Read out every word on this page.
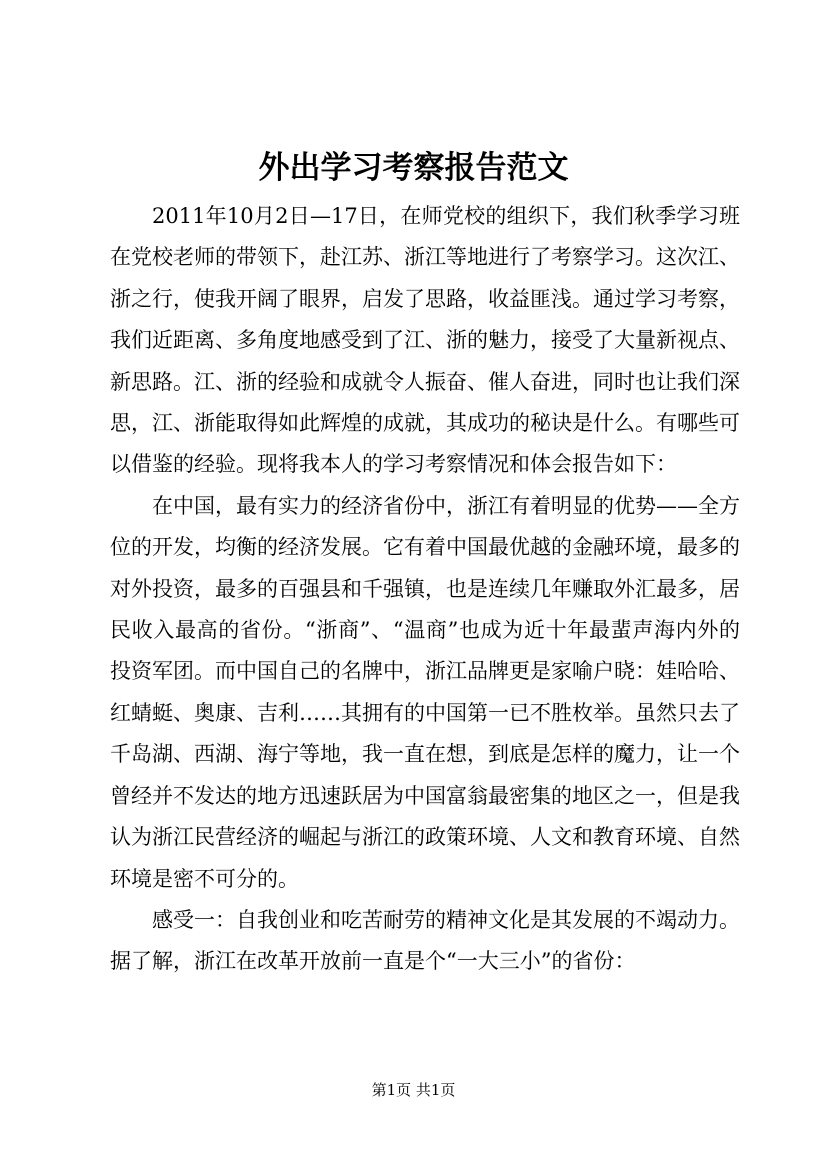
外出学习考察报告范文

2011年10月2日—17日，在师党校的组织下，我们秋季学习班在党校老师的带领下，赴江苏、浙江等地进行了考察学习。这次江、浙之行，使我开阔了眼界，启发了思路，收益匪浅。通过学习考察，我们近距离、多角度地感受到了江、浙的魅力，接受了大量新视点、新思路。江、浙的经验和成就令人振奋、催人奋进，同时也让我们深思，江、浙能取得如此辉煌的成就，其成功的秘诀是什么。有哪些可以借鉴的经验。现将我本人的学习考察情况和体会报告如下：

在中国，最有实力的经济省份中，浙江有着明显的优势——全方位的开发，均衡的经济发展。它有着中国最优越的金融环境，最多的对外投资，最多的百强县和千强镇，也是连续几年赚取外汇最多，居民收入最高的省份。“浙商”、“温商”也成为近十年最蜚声海内外的投资军团。而中国自己的名牌中，浙江品牌更是家喻户晓：娃哈哈、红蜻蜓、奥康、吉利……其拥有的中国第一已不胜枚举。虽然只去了千岛湖、西湖、海宁等地，我一直在想，到底是怎样的魔力，让一个曾经并不发达的地方迅速跃居为中国富翁最密集的地区之一，但是我认为浙江民营经济的崛起与浙江的政策环境、人文和教育环境、自然环境是密不可分的。

感受一：自我创业和吃苦耐劳的精神文化是其发展的不竭动力。据了解，浙江在改革开放前一直是个“一大三小”的省份：

第1页 共1页
